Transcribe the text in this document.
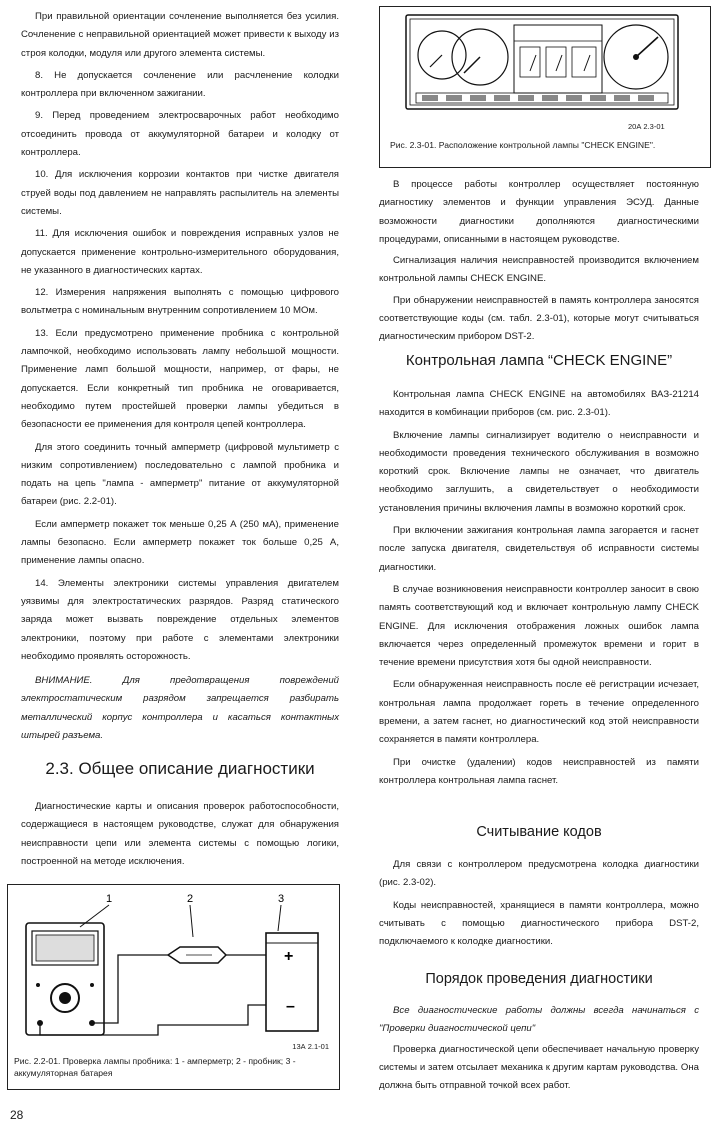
При правильной ориентации сочленение выполняется без усилия. Сочленение с неправильной ориентацией может привести к выходу из строя колодки, модуля или другого элемента системы.

8. Не допускается сочленение или расчленение колодки контроллера при включенном зажигании.

9. Перед проведением электросварочных работ необходимо отсоединить провода от аккумуляторной батареи и колодку от контроллера.

10. Для исключения коррозии контактов при чистке двигателя струей воды под давлением не направлять распылитель на элементы системы.

11. Для исключения ошибок и повреждения исправных узлов не допускается применение контрольно-измерительного оборудования, не указанного в диагностических картах.

12. Измерения напряжения выполнять с помощью цифрового вольтметра с номинальным внутренним сопротивлением 10 МОм.

13. Если предусмотрено применение пробника с контрольной лампочкой, необходимо использовать лампу небольшой мощности. Применение ламп большой мощности, например, от фары, не допускается. Если конкретный тип пробника не оговаривается, необходимо путем простейшей проверки лампы убедиться в безопасности ее применения для контроля цепей контроллера.

Для этого соединить точный амперметр (цифровой мультиметр с низким сопротивлением) последовательно с лампой пробника и подать на цепь "лампа - амперметр" питание от аккумуляторной батареи (рис. 2.2-01).

Если амперметр покажет ток меньше 0,25 А (250 мА), применение лампы безопасно. Если амперметр покажет ток больше 0,25 А, применение лампы опасно.

14. Элементы электроники системы управления двигателем уязвимы для электростатических разрядов. Разряд статического заряда может вызвать повреждение отдельных элементов электроники, поэтому при работе с элементами электроники необходимо проявлять осторожность.

ВНИМАНИЕ. Для предотвращения повреждений электростатическим разрядом запрещается разбирать металлический корпус контроллера и касаться контактных штырей разъема.

2.3. Общее описание диагностики

Диагностические карты и описания проверок работоспособности, содержащиеся в настоящем руководстве, служат для обнаружения неисправности цепи или элемента системы с помощью логики, построенной на методе исключения.

+
–
1	2	3
13А 2.1-01
Рис. 2.2-01. Проверка лампы пробника: 1 - амперметр; 2 - пробник; 3 - аккумуляторная батарея
20А 2.3-01
Рис. 2.3-01. Расположение контрольной лампы "CHECK ENGINE".

В процессе работы контроллер осуществляет постоянную диагностику элементов и функции управления ЭСУД. Данные возможности диагностики дополняются диагностическими процедурами, описанными в настоящем руководстве.

Сигнализация наличия неисправностей производится включением контрольной лампы CHECK ENGINE.

При обнаружении неисправностей в память контроллера заносятся соответствующие коды (см. табл. 2.3-01), которые могут считываться диагностическим прибором DST-2.

Контрольная лампа “CHECK ENGINE”

Контрольная лампа CHECK ENGINE на автомобилях ВАЗ-21214 находится в комбинации приборов (см. рис. 2.3-01).

Включение лампы сигнализирует водителю о неисправности и необходимости проведения технического обслуживания в возможно короткий срок. Включение лампы не означает, что двигатель необходимо заглушить, а свидетельствует о необходимости установления причины включения лампы в возможно короткий срок.

При включении зажигания контрольная лампа загорается и гаснет после запуска двигателя, свидетельствуя об исправности системы диагностики.

В случае возникновения неисправности контроллер заносит в свою память соответствующий код и включает контрольную лампу CHECK ENGINE. Для исключения отображения ложных ошибок лампа включается через определенный промежуток времени и горит в течение времени присутствия хотя бы одной неисправности.

Если обнаруженная неисправность после её регистрации исчезает, контрольная лампа продолжает гореть в течение определенного времени, а затем гаснет, но диагностический код этой неисправности сохраняется в памяти контроллера.

При очистке (удалении) кодов неисправностей из памяти контроллера контрольная лампа гаснет.

Считывание кодов

Для связи с контроллером предусмотрена колодка диагностики (рис. 2.3-02).

Коды неисправностей, хранящиеся в памяти контроллера, можно считывать с помощью диагностического прибора DST-2, подключаемого к колодке диагностики.

Порядок проведения диагностики

Все диагностические работы должны всегда начинаться с "Проверки диагностической цепи"

Проверка диагностической цепи обеспечивает начальную проверку системы и затем отсылает механика к другим картам руководства. Она должна быть отправной точкой всех работ.

28
